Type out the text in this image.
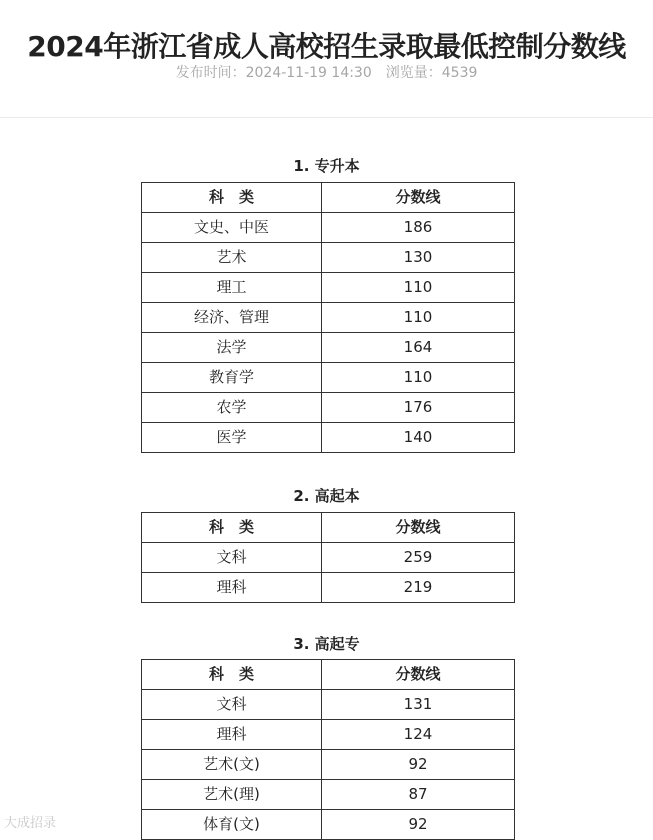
2024年浙江省成人高校招生录取最低控制分数线
发布时间：2024-11-19 14:30 浏览量：4539
1. 专升本
科　类	分数线
文史、中医	186
艺术	130
理工	110
经济、管理	110
法学	164
教育学	110
农学	176
医学	140
2. 高起本
科　类	分数线
文科	259
理科	219
3. 高起专
科　类	分数线
文科	131
理科	124
艺术(文)	92
艺术(理)	87
体育(文)	92
大成招录
